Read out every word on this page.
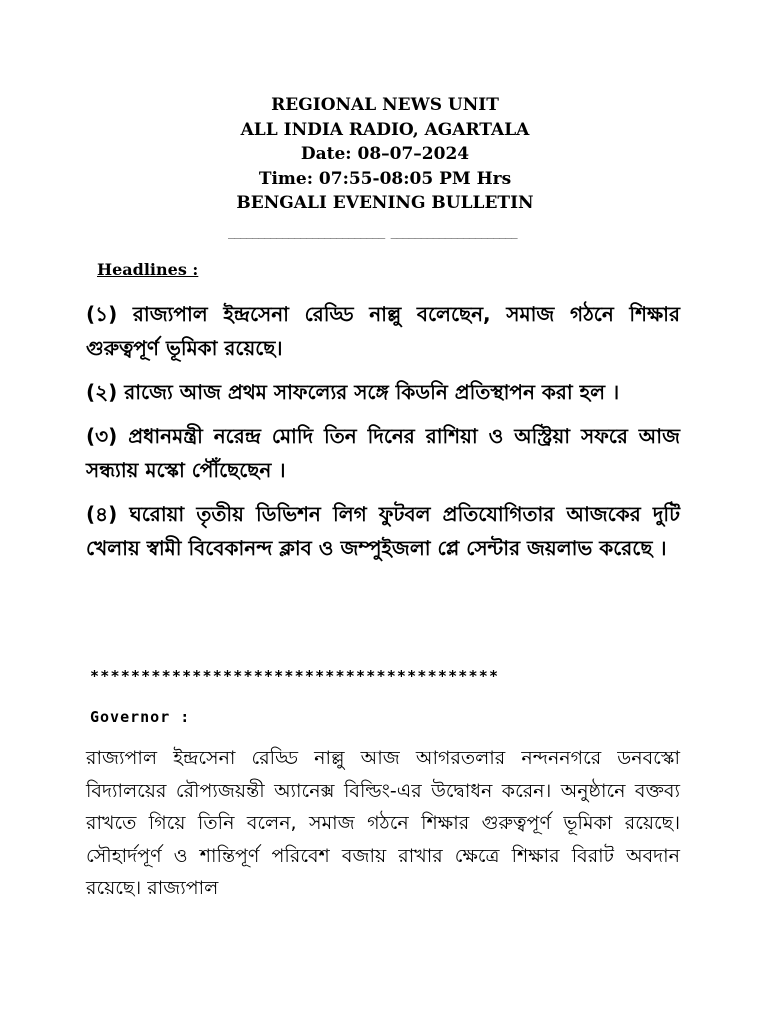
REGIONAL NEWS UNIT
ALL INDIA RADIO, AGARTALA
Date: 08–07–2024
Time: 07:55-08:05 PM Hrs
BENGALI EVENING BULLETIN
__________________________ _____________________
Headlines :

(১) রাজ্যপাল ইন্দ্রসেনা রেড্ডি নাল্লু বলেছেন, সমাজ গঠনে শিক্ষার গুরুত্বপূর্ণ ভূমিকা রয়েছে।

(২) রাজ্যে আজ প্রথম সাফল্যের সঙ্গে কিডনি প্রতিস্থাপন করা হল ।

(৩) প্রধানমন্ত্রী নরেন্দ্র মোদি তিন দিনের রাশিয়া ও অস্ট্রিয়া সফরে আজ সন্ধ্যায় মস্কো পৌঁছেছেন ।

(৪) ঘরোয়া তৃতীয় ডিভিশন লিগ ফুটবল প্রতিযোগিতার আজকের দুটি খেলায় স্বামী বিবেকানন্দ ক্লাব ও জম্পুইজলা প্লে সেন্টার জয়লাভ করেছে ।

****************************************
Governor :
রাজ্যপাল ইন্দ্রসেনা রেড্ডি নাল্লু আজ আগরতলার নন্দননগরে ডনবস্কো বিদ্যালয়ের রৌপ্যজয়ন্তী অ্যানেক্স বিল্ডিং-এর উদ্বোধন করেন। অনুষ্ঠানে বক্তব্য রাখতে গিয়ে তিনি বলেন, সমাজ গঠনে শিক্ষার গুরুত্বপূর্ণ ভূমিকা রয়েছে। সৌহার্দপূর্ণ ও শান্তিপূর্ণ পরিবেশ বজায় রাখার ক্ষেত্রে শিক্ষার বিরাট অবদান রয়েছে। রাজ্যপাল
